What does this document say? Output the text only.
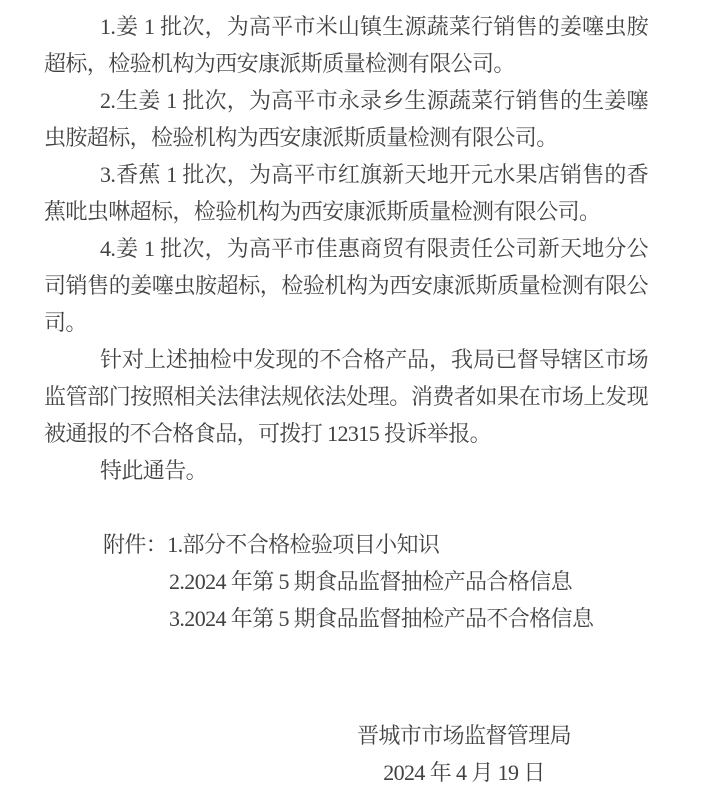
1.姜 1 批次，为高平市米山镇生源蔬菜行销售的姜噻虫胺超标，检验机构为西安康派斯质量检测有限公司。

2.生姜 1 批次，为高平市永录乡生源蔬菜行销售的生姜噻虫胺超标，检验机构为西安康派斯质量检测有限公司。

3.香蕉 1 批次，为高平市红旗新天地开元水果店销售的香蕉吡虫啉超标，检验机构为西安康派斯质量检测有限公司。

4.姜 1 批次，为高平市佳惠商贸有限责任公司新天地分公司销售的姜噻虫胺超标，检验机构为西安康派斯质量检测有限公司。

针对上述抽检中发现的不合格产品，我局已督导辖区市场监管部门按照相关法律法规依法处理。消费者如果在市场上发现被通报的不合格食品，可拨打 12315 投诉举报。

特此通告。

附件：1.部分不合格检验项目小知识
2.2024 年第 5 期食品监督抽检产品合格信息
3.2024 年第 5 期食品监督抽检产品不合格信息
晋城市市场监督管理局
2024 年 4 月 19 日
